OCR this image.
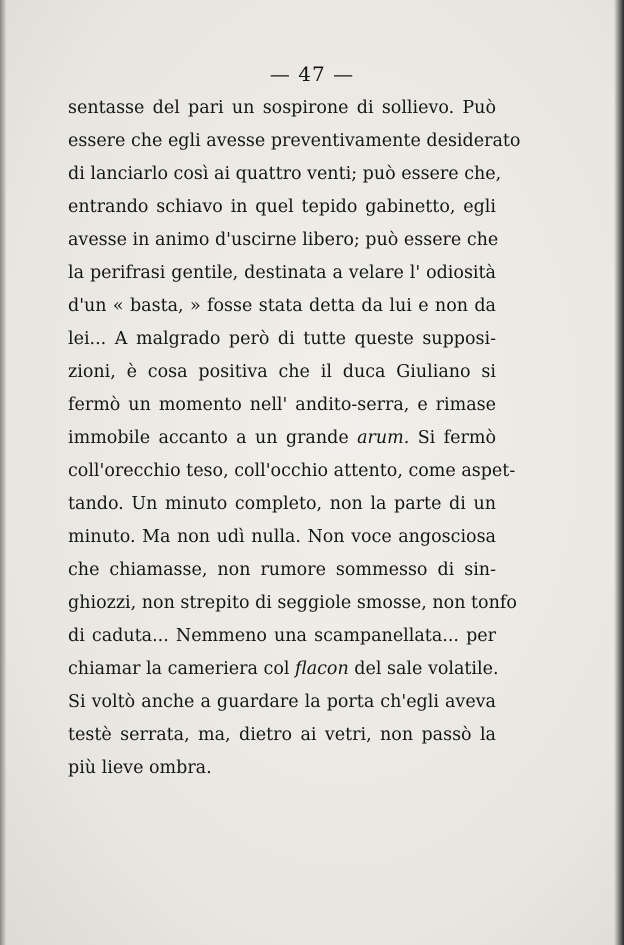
— 47 —
sentasse del pari un sospirone di sollievo. Può
essere che egli avesse preventivamente desiderato
di lanciarlo così ai quattro venti; può essere che,
entrando schiavo in quel tepido gabinetto, egli
avesse in animo d'uscirne libero; può essere che
la perifrasi gentile, destinata a velare l' odiosità
d'un « basta, » fosse stata detta da lui e non da
lei... A malgrado però di tutte queste supposi-
zioni, è cosa positiva che il duca Giuliano si
fermò un momento nell' andito-serra, e rimase
immobile accanto a un grande arum. Si fermò
coll'orecchio teso, coll'occhio attento, come aspet-
tando. Un minuto completo, non la parte di un
minuto. Ma non udì nulla. Non voce angosciosa
che chiamasse, non rumore sommesso di sin-
ghiozzi, non strepito di seggiole smosse, non tonfo
di caduta... Nemmeno una scampanellata... per
chiamar la cameriera col flacon del sale volatile.
Si voltò anche a guardare la porta ch'egli aveva
testè serrata, ma, dietro ai vetri, non passò la
più lieve ombra.
